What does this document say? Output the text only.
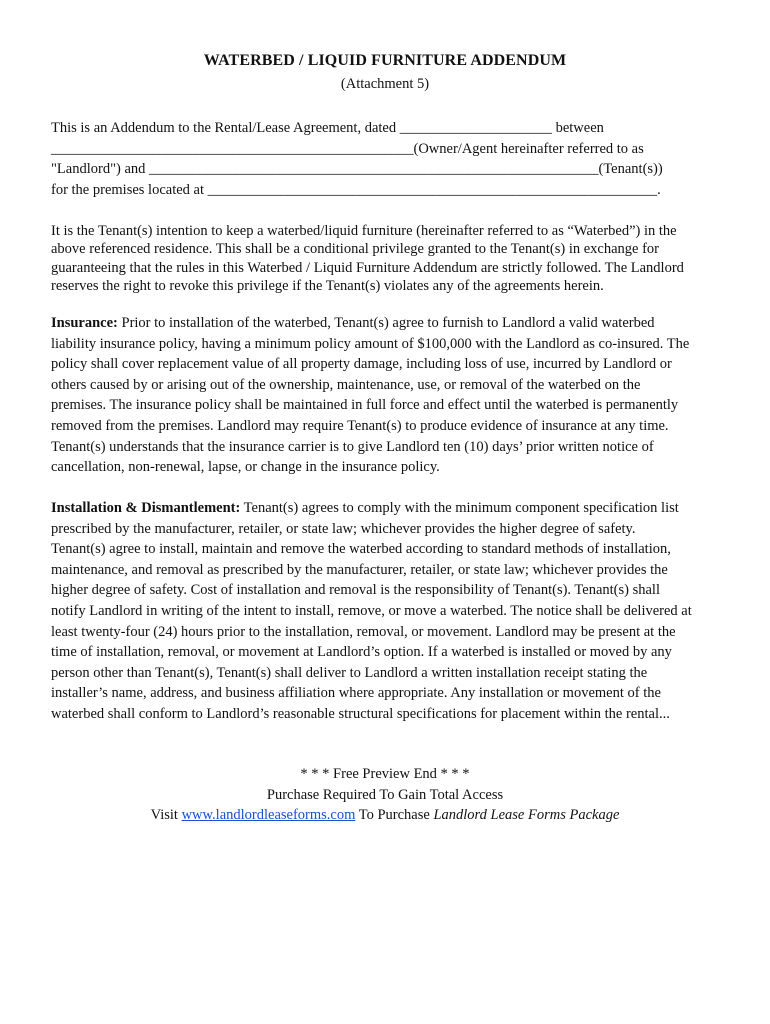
WATERBED / LIQUID FURNITURE ADDENDUM
(Attachment 5)
This is an Addendum to the Rental/Lease Agreement, dated _____________________ between
__________________________________________________(Owner/Agent hereinafter referred to as
"Landlord") and ______________________________________________________________(Tenant(s))
for the premises located at ______________________________________________________________.
It is the Tenant(s) intention to keep a waterbed/liquid furniture (hereinafter referred to as “Waterbed”) in the
above referenced residence. This shall be a conditional privilege granted to the Tenant(s) in exchange for
guaranteeing that the rules in this Waterbed / Liquid Furniture Addendum are strictly followed. The Landlord
reserves the right to revoke this privilege if the Tenant(s) violates any of the agreements herein.
Insurance: Prior to installation of the waterbed, Tenant(s) agree to furnish to Landlord a valid waterbed
liability insurance policy, having a minimum policy amount of $100,000 with the Landlord as co-insured. The
policy shall cover replacement value of all property damage, including loss of use, incurred by Landlord or
others caused by or arising out of the ownership, maintenance, use, or removal of the waterbed on the
premises. The insurance policy shall be maintained in full force and effect until the waterbed is permanently
removed from the premises. Landlord may require Tenant(s) to produce evidence of insurance at any time.
Tenant(s) understands that the insurance carrier is to give Landlord ten (10) days’ prior written notice of
cancellation, non-renewal, lapse, or change in the insurance policy.
Installation & Dismantlement: Tenant(s) agrees to comply with the minimum component specification list
prescribed by the manufacturer, retailer, or state law; whichever provides the higher degree of safety.
Tenant(s) agree to install, maintain and remove the waterbed according to standard methods of installation,
maintenance, and removal as prescribed by the manufacturer, retailer, or state law; whichever provides the
higher degree of safety. Cost of installation and removal is the responsibility of Tenant(s). Tenant(s) shall
notify Landlord in writing of the intent to install, remove, or move a waterbed. The notice shall be delivered at
least twenty-four (24) hours prior to the installation, removal, or movement. Landlord may be present at the
time of installation, removal, or movement at Landlord’s option. If a waterbed is installed or moved by any
person other than Tenant(s), Tenant(s) shall deliver to Landlord a written installation receipt stating the
installer’s name, address, and business affiliation where appropriate. Any installation or movement of the
waterbed shall conform to Landlord’s reasonable structural specifications for placement within the rental...
* * * Free Preview End * * *
Purchase Required To Gain Total Access
Visit www.landlordleaseforms.com To Purchase Landlord Lease Forms Package
